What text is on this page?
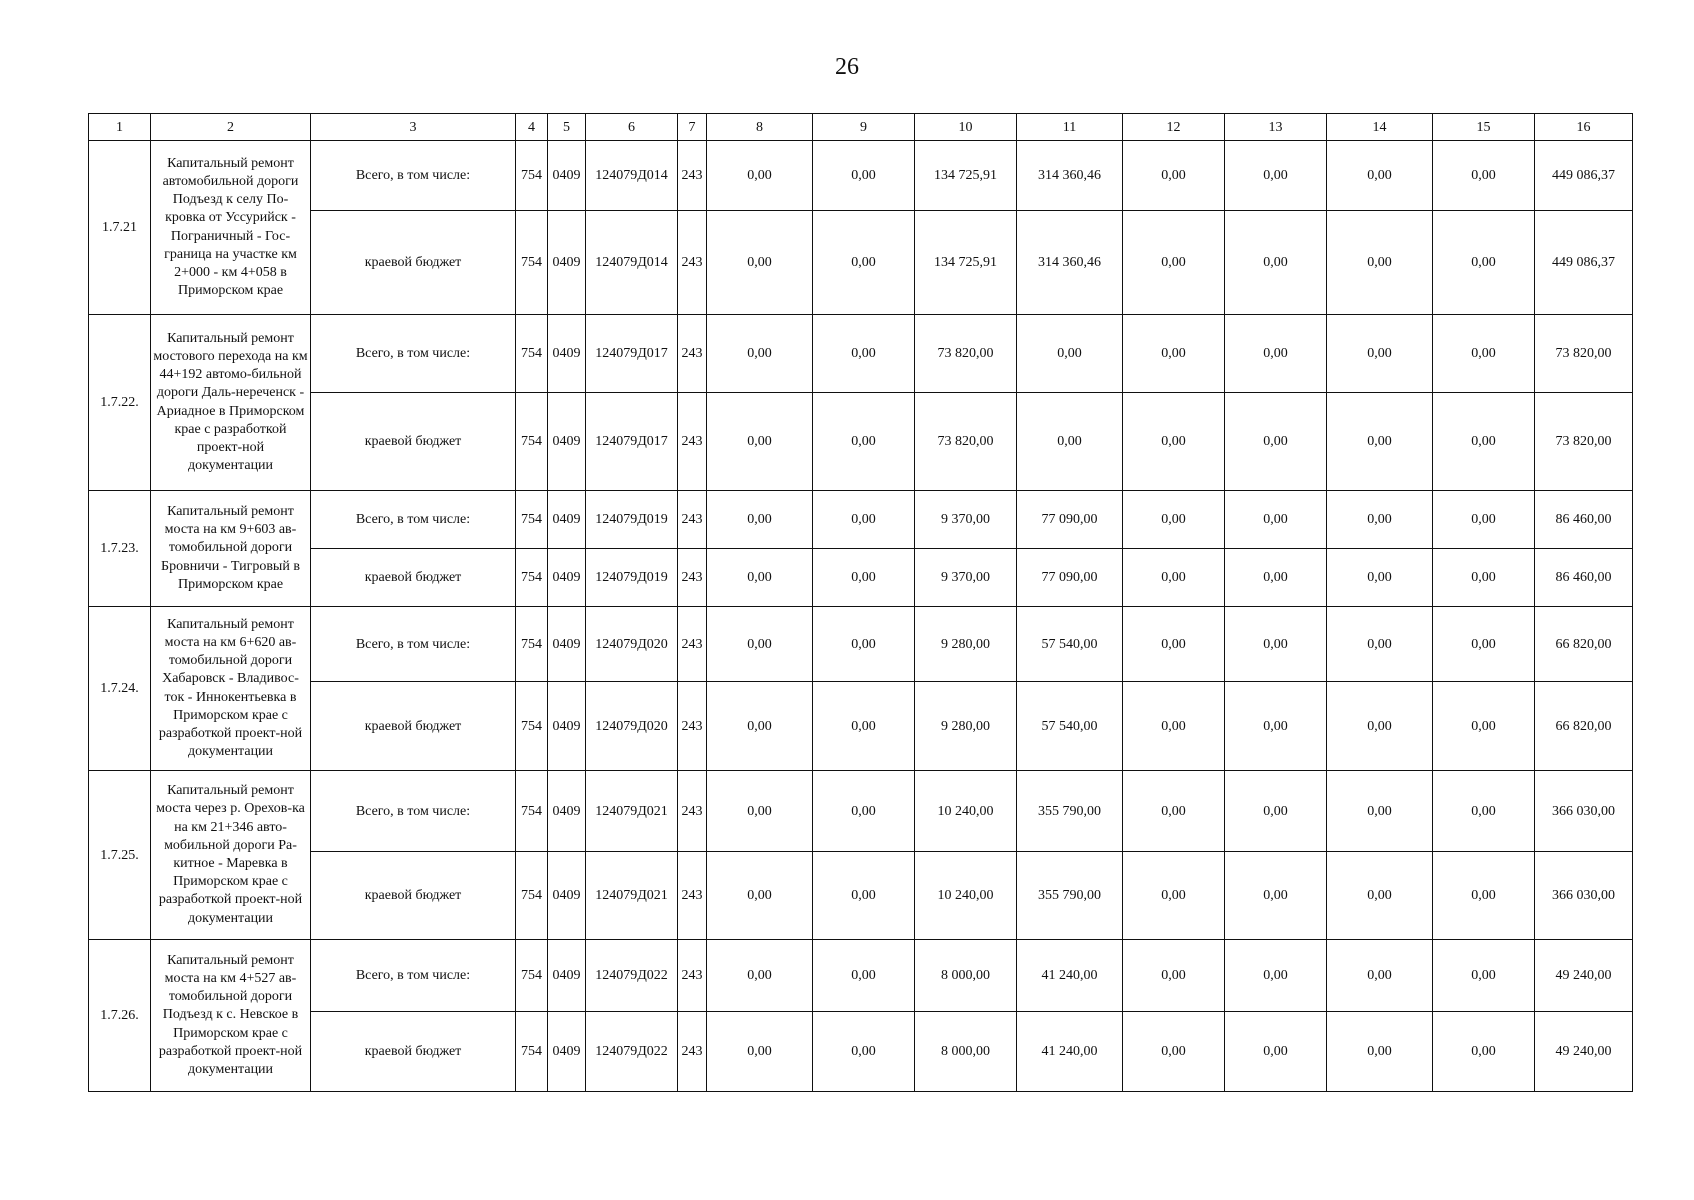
26
1	2	3	4	5	6	7	8	9	10	11	12	13	14	15	16
1.7.21	Капитальный ремонт автомобильной дороги Подъезд к селу По-кровка от Уссурийск - Пограничный - Гос-граница на участке км 2+000 - км 4+058 в Приморском крае	Всего, в том числе:	754	0409	124079Д014	243	0,00	0,00	134 725,91	314 360,46	0,00	0,00	0,00	0,00	449 086,37
		краевой бюджет	754	0409	124079Д014	243	0,00	0,00	134 725,91	314 360,46	0,00	0,00	0,00	0,00	449 086,37
1.7.22.	Капитальный ремонт мостового перехода на км 44+192 автомо-бильной дороги Даль-нереченск - Ариадное в Приморском крае с разработкой проект-ной документации	Всего, в том числе:	754	0409	124079Д017	243	0,00	0,00	73 820,00	0,00	0,00	0,00	0,00	0,00	73 820,00
		краевой бюджет	754	0409	124079Д017	243	0,00	0,00	73 820,00	0,00	0,00	0,00	0,00	0,00	73 820,00
1.7.23.	Капитальный ремонт моста на км 9+603 ав-томобильной дороги Бровничи - Тигровый в Приморском крае	Всего, в том числе:	754	0409	124079Д019	243	0,00	0,00	9 370,00	77 090,00	0,00	0,00	0,00	0,00	86 460,00
		краевой бюджет	754	0409	124079Д019	243	0,00	0,00	9 370,00	77 090,00	0,00	0,00	0,00	0,00	86 460,00
1.7.24.	Капитальный ремонт моста на км 6+620 ав-томобильной дороги Хабаровск - Владивос-ток - Иннокентьевка в Приморском крае с разработкой проект-ной документации	Всего, в том числе:	754	0409	124079Д020	243	0,00	0,00	9 280,00	57 540,00	0,00	0,00	0,00	0,00	66 820,00
		краевой бюджет	754	0409	124079Д020	243	0,00	0,00	9 280,00	57 540,00	0,00	0,00	0,00	0,00	66 820,00
1.7.25.	Капитальный ремонт моста через р. Орехов-ка на км 21+346 авто-мобильной дороги Ра-китное - Маревка в Приморском крае с разработкой проект-ной документации	Всего, в том числе:	754	0409	124079Д021	243	0,00	0,00	10 240,00	355 790,00	0,00	0,00	0,00	0,00	366 030,00
		краевой бюджет	754	0409	124079Д021	243	0,00	0,00	10 240,00	355 790,00	0,00	0,00	0,00	0,00	366 030,00
1.7.26.	Капитальный ремонт моста на км 4+527 ав-томобильной дороги Подъезд к с. Невское в Приморском крае с разработкой проект-ной документации	Всего, в том числе:	754	0409	124079Д022	243	0,00	0,00	8 000,00	41 240,00	0,00	0,00	0,00	0,00	49 240,00
		краевой бюджет	754	0409	124079Д022	243	0,00	0,00	8 000,00	41 240,00	0,00	0,00	0,00	0,00	49 240,00
